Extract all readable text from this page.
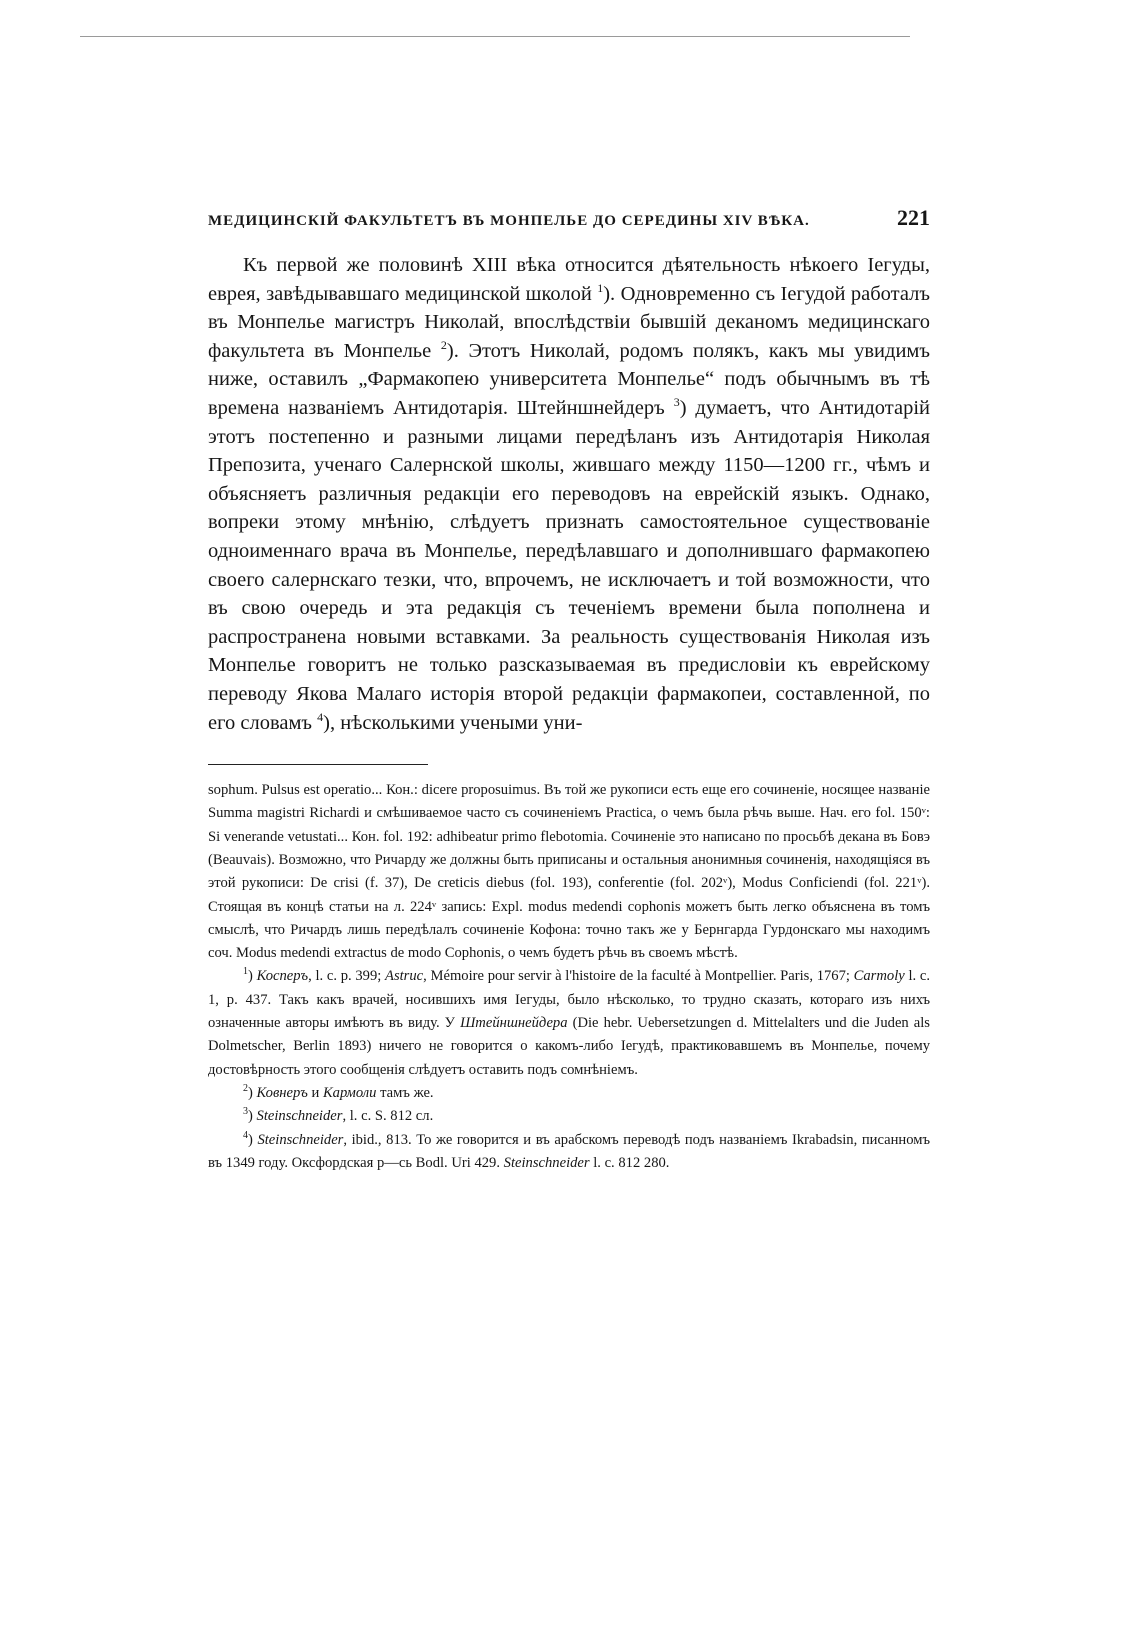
МЕДИЦИНСКІЙ ФАКУЛЬТЕТЪ ВЪ МОНПЕЛЬЕ ДО СЕРЕДИНЫ XIV ВѢКА.	221

Къ первой же половинѣ XIII вѣка относится дѣятельность нѣкоего Іегуды, еврея, завѣдывавшаго медицинской школой $^1$). Одновременно съ Іегудой работалъ въ Монпелье магистръ Николай, впослѣдствіи бывшій деканомъ медицинскаго факультета въ Монпелье $^2$). Этотъ Николай, родомъ полякъ, какъ мы увидимъ ниже, оставилъ „Фармакопею университета Монпелье“ подъ обычнымъ въ тѣ времена названіемъ Антидотарія. Штейншнейдеръ $^3$) думаетъ, что Антидотарій этотъ постепенно и разными лицами передѣланъ изъ Антидотарія Николая Препозита, ученаго Салернской школы, жившаго между 1150—1200 гг., чѣмъ и объясняетъ различныя редакціи его переводовъ на еврейскій языкъ. Однако, вопреки этому мнѣнію, слѣдуетъ признать самостоятельное существованіе одноименнаго врача въ Монпелье, передѣлавшаго и дополнившаго фармакопею своего салернскаго тезки, что, впрочемъ, не исключаетъ и той возможности, что въ свою очередь и эта редакція съ теченіемъ времени была пополнена и распространена новыми вставками. За реальность существованія Николая изъ Монпелье говоритъ не только разсказываемая въ предисловіи къ еврейскому переводу Якова Малаго исторія второй редакціи фармакопеи, составленной, по его словамъ $^4$), нѣсколькими учеными уни-

sophum. Pulsus est operatio... Кон.: dicere proposuimus. Въ той же рукописи есть еще его сочиненіе, носящее названіе Summa magistri Richardi и смѣшиваемое часто съ сочиненіемъ Practica, о чемъ была рѣчь выше. Нач. его fol. 150ᵛ: Si venerande vetustati... Кон. fol. 192: adhibeatur primo flebotomia. Сочиненіе это написано по просьбѣ декана въ Бовэ (Beauvais). Возможно, что Ричарду же должны быть приписаны и остальныя анонимныя сочиненія, находящіяся въ этой рукописи: De crisi (f. 37), De creticis diebus (fol. 193), conferentie (fol. 202ᵛ), Modus Conficiendi (fol. 221ᵛ). Стоящая въ концѣ статьи на л. 224ᵛ запись: Expl. modus medendi cophonis можетъ быть легко объяснена въ томъ смыслѣ, что Ричардъ лишь передѣлалъ сочиненіе Кофона: точно такъ же у Бернгарда Гурдонскаго мы находимъ соч. Modus medendi extractus de modo Cophonis, о чемъ будетъ рѣчь въ своемъ мѣстѣ.

$^1$) Косперъ, l. c. p. 399; Astruc, Mémoire pour servir à l'histoire de la faculté à Montpellier. Paris, 1767; Carmoly l. c. 1, p. 437. Такъ какъ врачей, носившихъ имя Іегуды, было нѣсколько, то трудно сказать, котораго изъ нихъ означенные авторы имѣютъ въ виду. У Штейншнейдера (Die hebr. Uebersetzungen d. Mittelalters und die Juden als Dolmetscher, Berlin 1893) ничего не говорится о какомъ-либо Іегудѣ, практиковавшемъ въ Монпелье, почему достовѣрность этого сообщенія слѣдуетъ оставить подъ сомнѣніемъ.

$^2$) Ковнеръ и Кармоли тамъ же.

$^3$) Steinschneider, l. c. S. 812 сл.

$^4$) Steinschneider, ibid., 813. То же говорится и въ арабскомъ переводѣ подъ названіемъ Ikrabadsin, писанномъ въ 1349 году. Оксфордская р—сь Bodl. Uri 429. Steinschneider l. c. 812 280.
